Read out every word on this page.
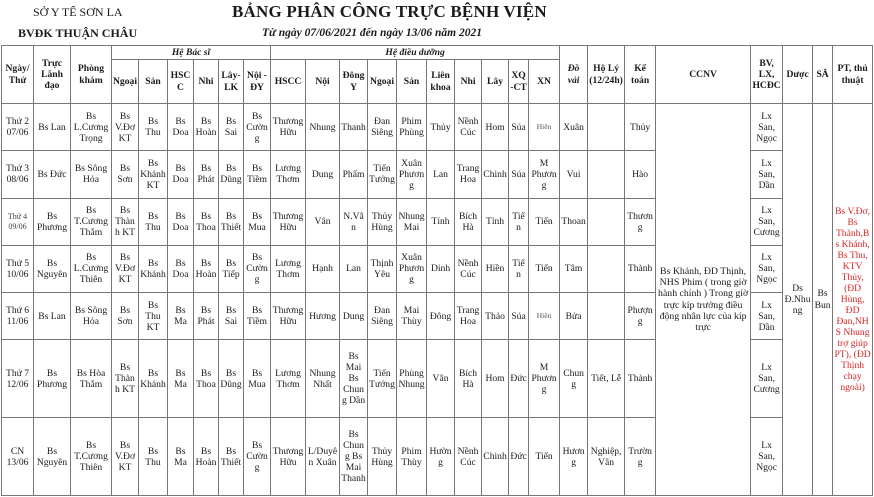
SỞ Y TẾ SƠN LA
BVĐK THUẬN CHÂU
BẢNG PHÂN CÔNG TRỰC BỆNH VIỆN
Từ ngày 07/06/2021 đến ngày 13/06 năm 2021
Ngày/ Thứ	Trực Lãnh đạo	Phòng khám	Hệ Bác sĩ						Hệ điều dưỡng										Đồ vải	Hộ Lý (12/24h)	Kế toán	CCNV	BV, LX, HCĐC	Dược	SÂ	PT, thủ thuật
			Ngoại	Sản	HSCC	Nhi	Lây-LK	Nội - ĐY	HSCC	Nội	Đông Y	Ngoại	Sản	Liên khoa	Nhi	Lây	XQ-CT	XN								
Thứ 2 07/06	Bs Lan	Bs L.Cương Trọng	Bs V.Đơ KT	Bs Thu	Bs Doa	Bs Hoàn	Bs Sai	Bs Cường	Thương Hữu	Nhung	Thanh	Đan Siêng	Phim Phùng	Thủy	Nềnh Cúc	Hom	Súa	Hiên	Xuân		Thủy	Bs Khánh, ĐD Thịnh, NHS Phim ( trong giờ hành chính ) Trong giờ trực kíp trưởng điều động nhân lực của kíp trực	Lx San, Ngọc	Ds Đ.Nhung	Bs Bun	Bs V.Đơ, Bs Thành,Bs Khánh, Bs Thu, KTV Thủy, (ĐD Hùng, ĐD Đan,NHS Nhung trợ giúp PT), (ĐD Thịnh chạy ngoài)
Thứ 3 08/06	Bs Đức	Bs Sông Hỏa	Bs Sơn	Bs Khánh KT	Bs Doa	Bs Phát	Bs Dũng	Bs Tiềm	Lương Thơm	Dung	Phẩm	Tiến Tưởng	Xuân Phương	Lan	Trang Hoa	Chinh	Súa	M Phương	Vui		Hào		Lx San, Dần			
Thứ 4 09/06	Bs Phương	Bs T.Cương Thắm	Bs Thành KT	Bs Thu	Bs Doa	Bs Thoa	Bs Thiết	Bs Mua	Thương Hữu	Vân	N.Vân	Thủy Hùng	Nhung Mai	Tính	Bích Hà	Tỉnh	Tiến	Tiến	Thoan		Thương		Lx San, Cương			
Thứ 5 10/06	Bs Nguyên	Bs L.Cương Thiên	Bs V.Đơ KT	Bs Khánh	Bs Doa	Bs Hoàn	Bs Tiếp	Bs Cường	Lương Thơm	Hạnh	Lan	Thịnh Yêu	Xuân Phương	Dinh	Nềnh Cúc	Hiền	Tiến	Tiến	Tâm		Thành		Lx San, Ngọc			
Thứ 6 11/06	Bs Lan	Bs Sông Hỏa	Bs Sơn	Bs Thu KT	Bs Ma	Bs Phát	Bs Sai	Bs Tiềm	Thương Hữu	Hương	Dung	Đan Siêng	Mai Thùy	Đông	Trang Hoa	Thảo	Súa	Hiên	Bửa		Phượng		Lx San, Dần			
Thứ 7 12/06	Bs Phương	Bs Hòa Thắm	Bs Thành KT	Bs Khánh	Bs Ma	Bs Thoa	Bs Dũng	Bs Mua	Lương Thơm	Nhung Nhất	Bs Mai Bs Chung Dần	Tiến Tưởng	Phùng Nhung	Vân	Bích Hà	Hom	Đức	M Phương	Chung	Tiết, Lễ	Thành		Lx San, Cương			
CN 13/06	Bs Nguyên	Bs T.Cương Thiên	Bs V.Đơ KT	Bs Thu	Bs Ma	Bs Hoàn	Bs Thiết	Bs Cường	Thương Hữu	L/Duyên Xuân	Bs Chung Bs Mai Thanh	Thủy Hùng	Phim Thùy	Hường	Nềnh Cúc	Chinh	Đức	Tiến	Hương	Nghiệp, Vân	Trường		Lx San, Ngọc			
